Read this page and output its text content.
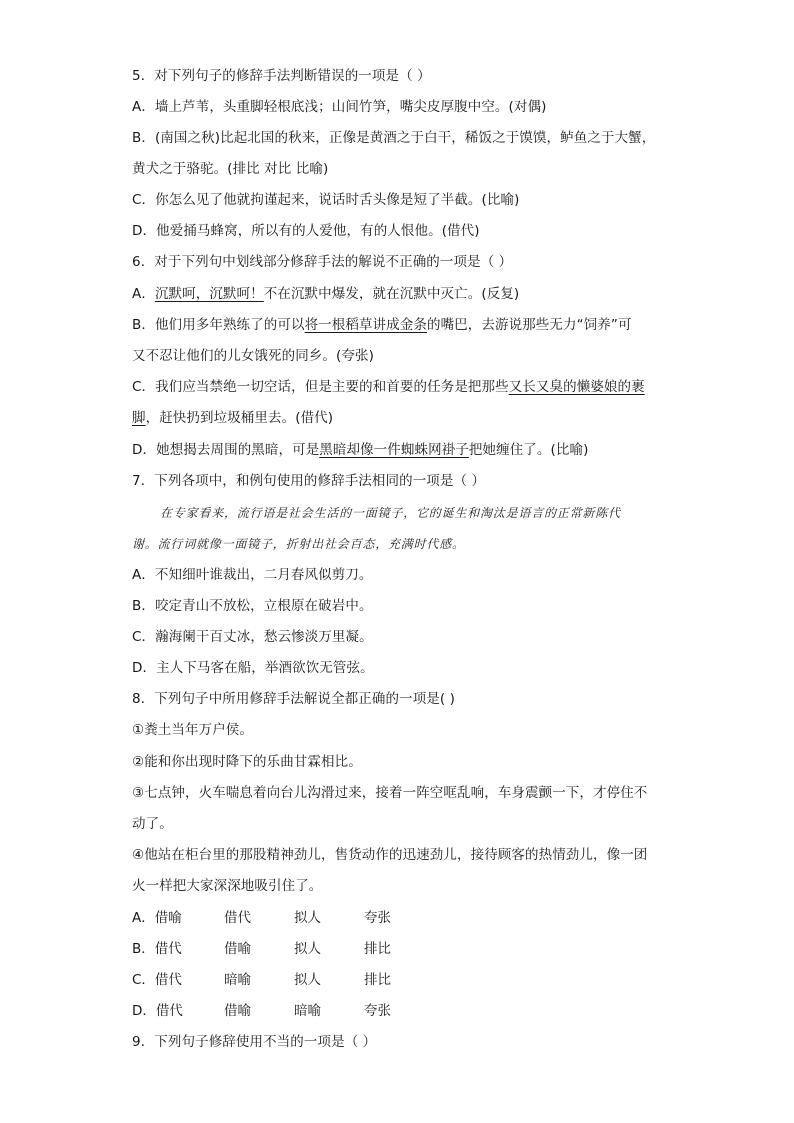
5．对下列句子的修辞手法判断错误的一项是（ ）
A．墙上芦苇，头重脚轻根底浅；山间竹笋，嘴尖皮厚腹中空。(对偶)
B．(南国之秋)比起北国的秋来，正像是黄酒之于白干，稀饭之于馍馍，鲈鱼之于大蟹，
黄犬之于骆驼。(排比 对比 比喻)
C．你怎么见了他就拘谨起来，说话时舌头像是短了半截。(比喻)
D．他爱捅马蜂窝，所以有的人爱他，有的人恨他。(借代)
6．对于下列句中划线部分修辞手法的解说不正确的一项是（ ）
A．沉默呵，沉默呵！不在沉默中爆发，就在沉默中灭亡。(反复)
B．他们用多年熟练了的可以将一根稻草讲成金条的嘴巴，去游说那些无力“饲养”可
又不忍让他们的儿女饿死的同乡。(夸张)
C．我们应当禁绝一切空话，但是主要的和首要的任务是把那些又长又臭的懒婆娘的裹
脚，赶快扔到垃圾桶里去。(借代)
D．她想揭去周围的黑暗，可是黑暗却像一件蜘蛛网褂子把她缠住了。(比喻)
7．下列各项中，和例句使用的修辞手法相同的一项是（ ）
在专家看来，流行语是社会生活的一面镜子，它的诞生和淘汰是语言的正常新陈代
谢。流行词就像一面镜子，折射出社会百态，充满时代感。
A．不知细叶谁裁出，二月春风似剪刀。
B．咬定青山不放松，立根原在破岩中。
C．瀚海阑干百丈冰，愁云惨淡万里凝。
D．主人下马客在船，举酒欲饮无管弦。
8．下列句子中所用修辞手法解说全都正确的一项是( )
①粪土当年万户侯。
②能和你出现时降下的乐曲甘霖相比。
③七点钟，火车喘息着向台儿沟滑过来，接着一阵空哐乱响，车身震颤一下，才停住不
动了。
④他站在柜台里的那股精神劲儿，售货动作的迅速劲儿，接待顾客的热情劲儿，像一团
火一样把大家深深地吸引住了。
A．借喻	借代	拟人	夸张
B．借代	借喻	拟人	排比
C．借代	暗喻	拟人	排比
D．借代	借喻	暗喻	夸张
9．下列句子修辞使用不当的一项是（ ）
